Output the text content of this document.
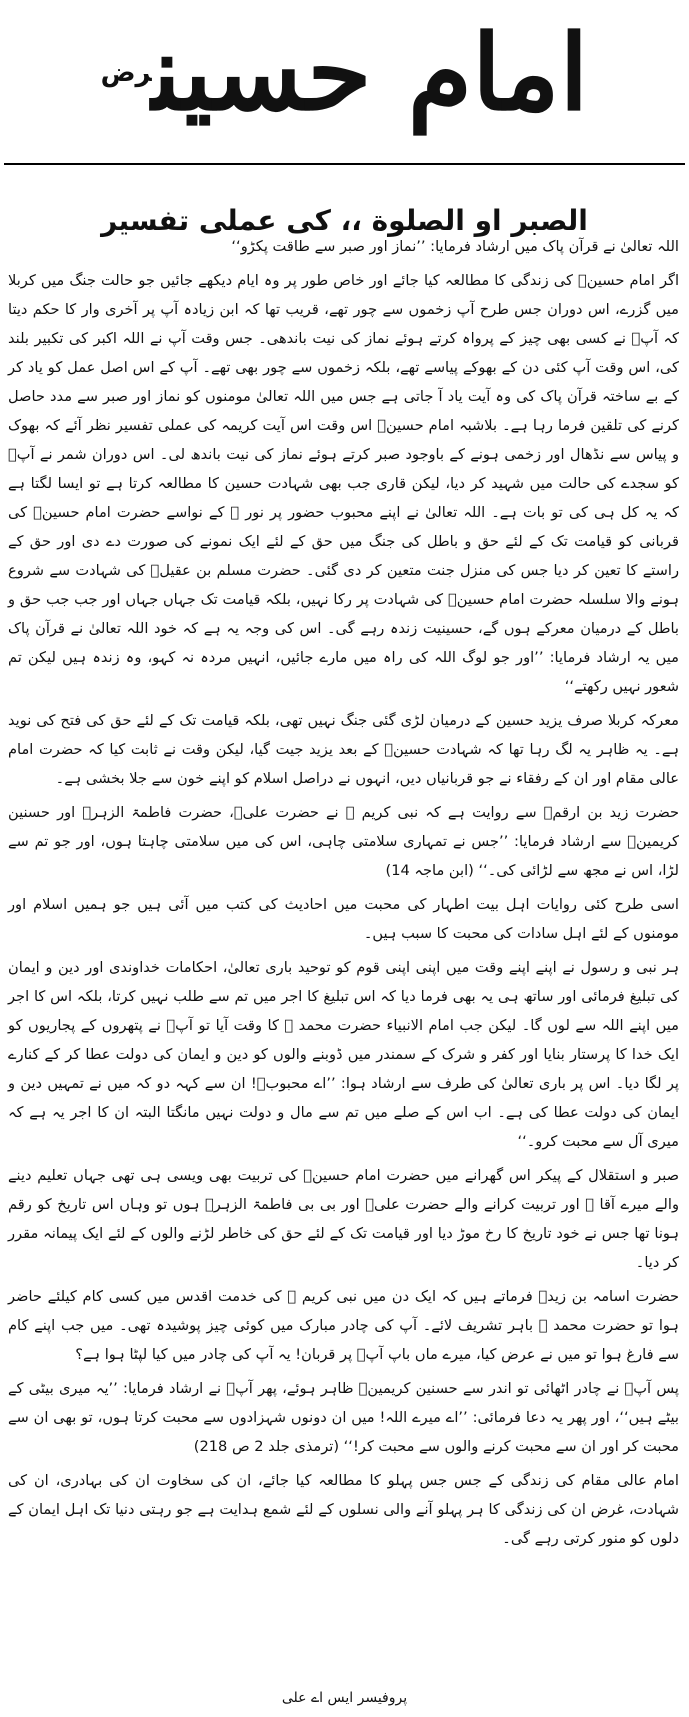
امام حسین$^{رض}$
الصبر او الصلوة ،، کی عملی تفسیر

اللہ تعالیٰ نے قرآن پاک میں ارشاد فرمایا: ’’نماز اور صبر سے طاقت پکڑو‘‘

اگر امام حسینؓ کی زندگی کا مطالعہ کیا جائے اور خاص طور پر وہ ایام دیکھے جائیں جو حالت جنگ میں کربلا میں گزرے، اس دوران جس طرح آپ زخموں سے چور تھے، قریب تھا کہ ابن زیادہ آپ پر آخری وار کا حکم دیتا کہ آپؓ نے کسی بھی چیز کے پرواہ کرتے ہوئے نماز کی نیت باندھی۔ جس وقت آپ نے اللہ اکبر کی تکبیر بلند کی، اس وقت آپ کئی دن کے بھوکے پیاسے تھے، بلکہ زخموں سے چور بھی تھے۔ آپ کے اس اصل عمل کو یاد کر کے بے ساختہ قرآن پاک کی وہ آیت یاد آ جاتی ہے جس میں اللہ تعالیٰ مومنوں کو نماز اور صبر سے مدد حاصل کرنے کی تلقین فرما رہا ہے۔ بلاشبہ امام حسینؓ اس وقت اس آیت کریمہ کی عملی تفسیر نظر آئے کہ بھوک و پیاس سے نڈھال اور زخمی ہونے کے باوجود صبر کرتے ہوئے نماز کی نیت باندھ لی۔ اس دوران شمر نے آپؓ کو سجدے کی حالت میں شہید کر دیا، لیکن قاری جب بھی شہادت حسین کا مطالعہ کرتا ہے تو ایسا لگتا ہے کہ یہ کل ہی کی تو بات ہے۔ اللہ تعالیٰ نے اپنے محبوب حضور پر نور ﷺ کے نواسے حضرت امام حسینؓ کی قربانی کو قیامت تک کے لئے حق و باطل کی جنگ میں حق کے لئے ایک نمونے کی صورت دے دی اور حق کے راستے کا تعین کر دیا جس کی منزل جنت متعین کر دی گئی۔ حضرت مسلم بن عقیلؓ کی شہادت سے شروع ہونے والا سلسلہ حضرت امام حسینؓ کی شہادت پر رکا نہیں، بلکہ قیامت تک جہاں جہاں اور جب جب حق و باطل کے درمیان معرکے ہوں گے، حسینیت زندہ رہے گی۔ اس کی وجہ یہ ہے کہ خود اللہ تعالیٰ نے قرآن پاک میں یہ ارشاد فرمایا: ’’اور جو لوگ اللہ کی راہ میں مارے جائیں، انہیں مردہ نہ کہو، وہ زندہ ہیں لیکن تم شعور نہیں رکھتے‘‘

معرکہ کربلا صرف یزید حسین کے درمیان لڑی گئی جنگ نہیں تھی، بلکہ قیامت تک کے لئے حق کی فتح کی نوید ہے۔ یہ ظاہر یہ لگ رہا تھا کہ شہادت حسینؓ کے بعد یزید جیت گیا، لیکن وقت نے ثابت کیا کہ حضرت امام عالی مقام اور ان کے رفقاء نے جو قربانیاں دیں، انہوں نے دراصل اسلام کو اپنے خون سے جلا بخشی ہے۔

حضرت زید بن ارقمؓ سے روایت ہے کہ نبی کریم ﷺ نے حضرت علیؓ، حضرت فاطمۃ الزہرؓ اور حسنین کریمینؓ سے ارشاد فرمایا: ’’جس نے تمہاری سلامتی چاہی، اس کی میں سلامتی چاہتا ہوں، اور جو تم سے لڑا، اس نے مجھ سے لڑائی کی۔‘‘ (ابن ماجہ 14)

اسی طرح کئی روایات اہل بیت اطہار کی محبت میں احادیث کی کتب میں آئی ہیں جو ہمیں اسلام اور مومنوں کے لئے اہل سادات کی محبت کا سبب ہیں۔

ہر نبی و رسول نے اپنے اپنے وقت میں اپنی اپنی قوم کو توحید باری تعالیٰ، احکامات خداوندی اور دین و ایمان کی تبلیغ فرمائی اور ساتھ ہی یہ بھی فرما دیا کہ اس تبلیغ کا اجر میں تم سے طلب نہیں کرتا، بلکہ اس کا اجر میں اپنے اللہ سے لوں گا۔ لیکن جب امام الانبیاء حضرت محمد ﷺ کا وقت آیا تو آپؐ نے پتھروں کے پجاریوں کو ایک خدا کا پرستار بنایا اور کفر و شرک کے سمندر میں ڈوبنے والوں کو دین و ایمان کی دولت عطا کر کے کنارے پر لگا دیا۔ اس پر باری تعالیٰ کی طرف سے ارشاد ہوا: ’’اے محبوبؐ! ان سے کہہ دو کہ میں نے تمہیں دین و ایمان کی دولت عطا کی ہے۔ اب اس کے صلے میں تم سے مال و دولت نہیں مانگتا البتہ ان کا اجر یہ ہے کہ میری آل سے محبت کرو۔‘‘

صبر و استقلال کے پیکر اس گھرانے میں حضرت امام حسینؓ کی تربیت بھی ویسی ہی تھی جہاں تعلیم دینے والے میرے آقا ﷺ اور تربیت کرانے والے حضرت علیؓ اور بی بی فاطمۃ الزہرؓ ہوں تو وہاں اس تاریخ کو رقم ہونا تھا جس نے خود تاریخ کا رخ موڑ دیا اور قیامت تک کے لئے حق کی خاطر لڑنے والوں کے لئے ایک پیمانہ مقرر کر دیا۔

حضرت اسامہ بن زیدؓ فرماتے ہیں کہ ایک دن میں نبی کریم ﷺ کی خدمت اقدس میں کسی کام کیلئے حاضر ہوا تو حضرت محمد ﷺ باہر تشریف لائے۔ آپ کی چادر مبارک میں کوئی چیز پوشیدہ تھی۔ میں جب اپنے کام سے فارغ ہوا تو میں نے عرض کیا، میرے ماں باپ آپؐ پر قربان! یہ آپ کی چادر میں کیا لپٹا ہوا ہے؟

پس آپؐ نے چادر اٹھائی تو اندر سے حسنین کریمینؓ ظاہر ہوئے، پھر آپؐ نے ارشاد فرمایا: ’’یہ میری بیٹی کے بیٹے ہیں‘‘، اور پھر یہ دعا فرمائی: ’’اے میرے اللہ! میں ان دونوں شہزادوں سے محبت کرتا ہوں، تو بھی ان سے محبت کر اور ان سے محبت کرنے والوں سے محبت کر!‘‘ (ترمذی جلد 2 ص 218)

امام عالی مقام کی زندگی کے جس جس پہلو کا مطالعہ کیا جائے، ان کی سخاوت ان کی بہادری، ان کی شہادت، غرض ان کی زندگی کا ہر پہلو آنے والی نسلوں کے لئے شمع ہدایت ہے جو رہتی دنیا تک اہل ایمان کے دلوں کو منور کرتی رہے گی۔

پروفیسر ایس اے علی
